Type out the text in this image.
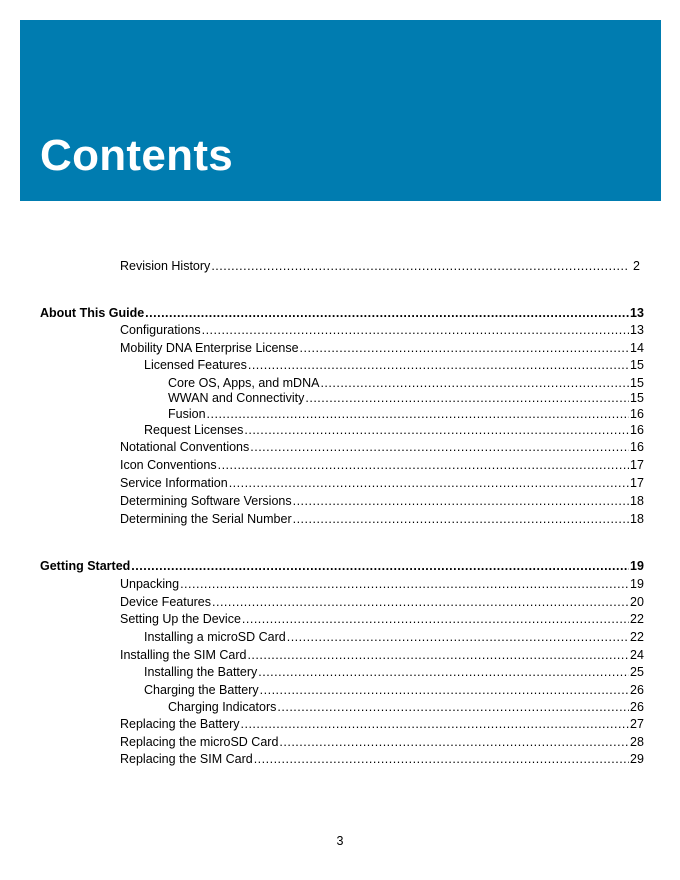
Contents
Revision History .....	2
About This Guide .....	13
Configurations .....	13
Mobility DNA Enterprise License .....	14
Licensed Features .....	15
Core OS, Apps, and mDNA .....	15
WWAN and Connectivity .....	15
Fusion .....	16
Request Licenses .....	16
Notational Conventions .....	16
Icon Conventions .....	17
Service Information .....	17
Determining Software Versions .....	18
Determining the Serial Number .....	18
Getting Started .....	19
Unpacking .....	19
Device Features .....	20
Setting Up the Device .....	22
Installing a microSD Card .....	22
Installing the SIM Card .....	24
Installing the Battery .....	25
Charging the Battery .....	26
Charging Indicators .....	26
Replacing the Battery .....	27
Replacing the microSD Card .....	28
Replacing the SIM Card .....	29
3
